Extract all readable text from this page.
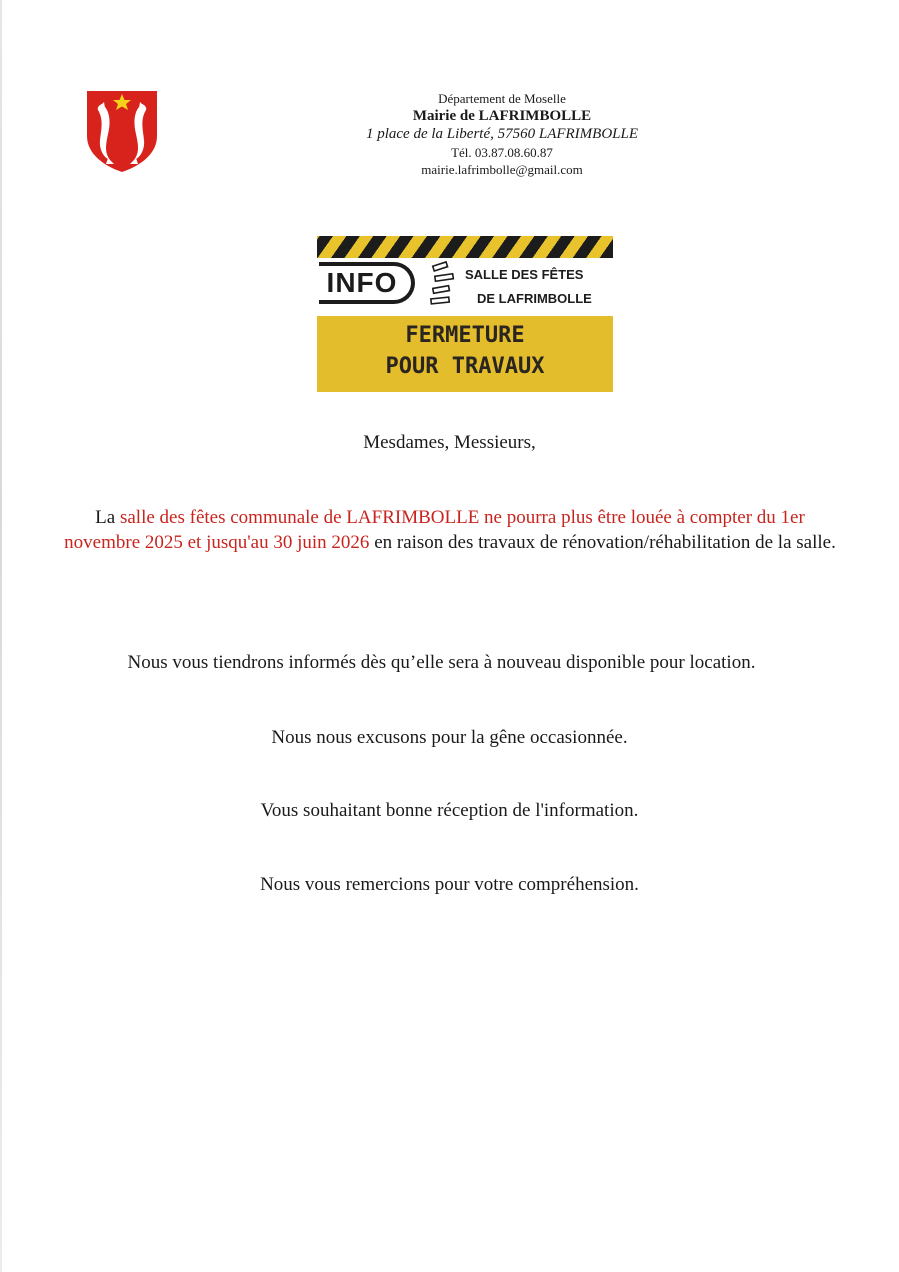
Département de Moselle
Mairie de LAFRIMBOLLE
1 place de la Liberté, 57560 LAFRIMBOLLE
Tél. 03.87.08.60.87
mairie.lafrimbolle@gmail.com
INFO	SALLE DES FÊTES
DE LAFRIMBOLLE
FERMETURE
POUR TRAVAUX
Mesdames, Messieurs,
La salle des fêtes communale de LAFRIMBOLLE ne pourra plus être louée à compter du 1er novembre 2025 et jusqu'au 30 juin 2026 en raison des travaux de rénovation/réhabilitation de la salle.
Nous vous tiendrons informés dès qu’elle sera à nouveau disponible pour location.
Nous nous excusons pour la gêne occasionnée.
Vous souhaitant bonne réception de l'information.
Nous vous remercions pour votre compréhension.
